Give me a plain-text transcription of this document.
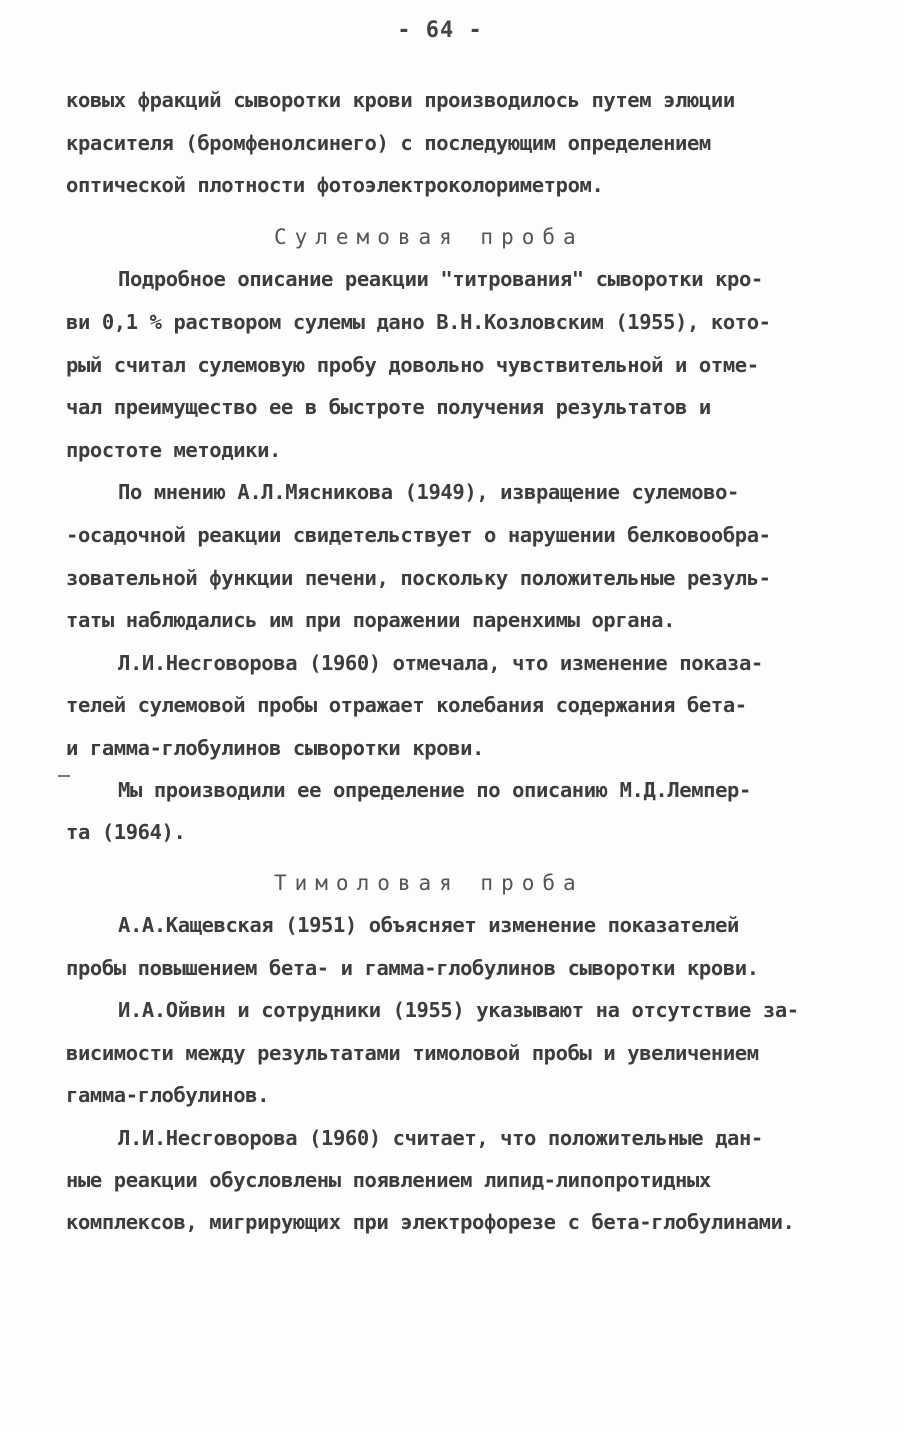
- 64 -
ковых фракций сыворотки крови производилось путем элюции
красителя (бромфенолсинего) с последующим определением
оптической плотности фотоэлектроколориметром.
Сулемовая проба
Подробное описание реакции "титрования" сыворотки кро-
ви 0,1 % раствором сулемы дано В.Н.Козловским (1955), кото-
рый считал сулемовую пробу довольно чувствительной и отме-
чал преимущество ее в быстроте получения результатов и
простоте методики.
По мнению А.Л.Мясникова (1949), извращение сулемово-
-осадочной реакции свидетельствует о нарушении белковообра-
зовательной функции печени, поскольку положительные резуль-
таты наблюдались им при поражении паренхимы органа.
Л.И.Несговорова (1960) отмечала, что изменение показа-
телей сулемовой пробы отражает колебания содержания бета-
и гамма-глобулинов сыворотки крови.
Мы производили ее определение по описанию М.Д.Лемпер-
та (1964).
Тимоловая проба
А.А.Кащевская (1951) объясняет изменение показателей
пробы повышением бета- и гамма-глобулинов сыворотки крови.
И.А.Ойвин и сотрудники (1955) указывают на отсутствие за-
висимости между результатами тимоловой пробы и увеличением
гамма-глобулинов.
Л.И.Несговорова (1960) считает, что положительные дан-
ные реакции обусловлены появлением липид-липопротидных
комплексов, мигрирующих при электрофорезе с бета-глобулинами.
